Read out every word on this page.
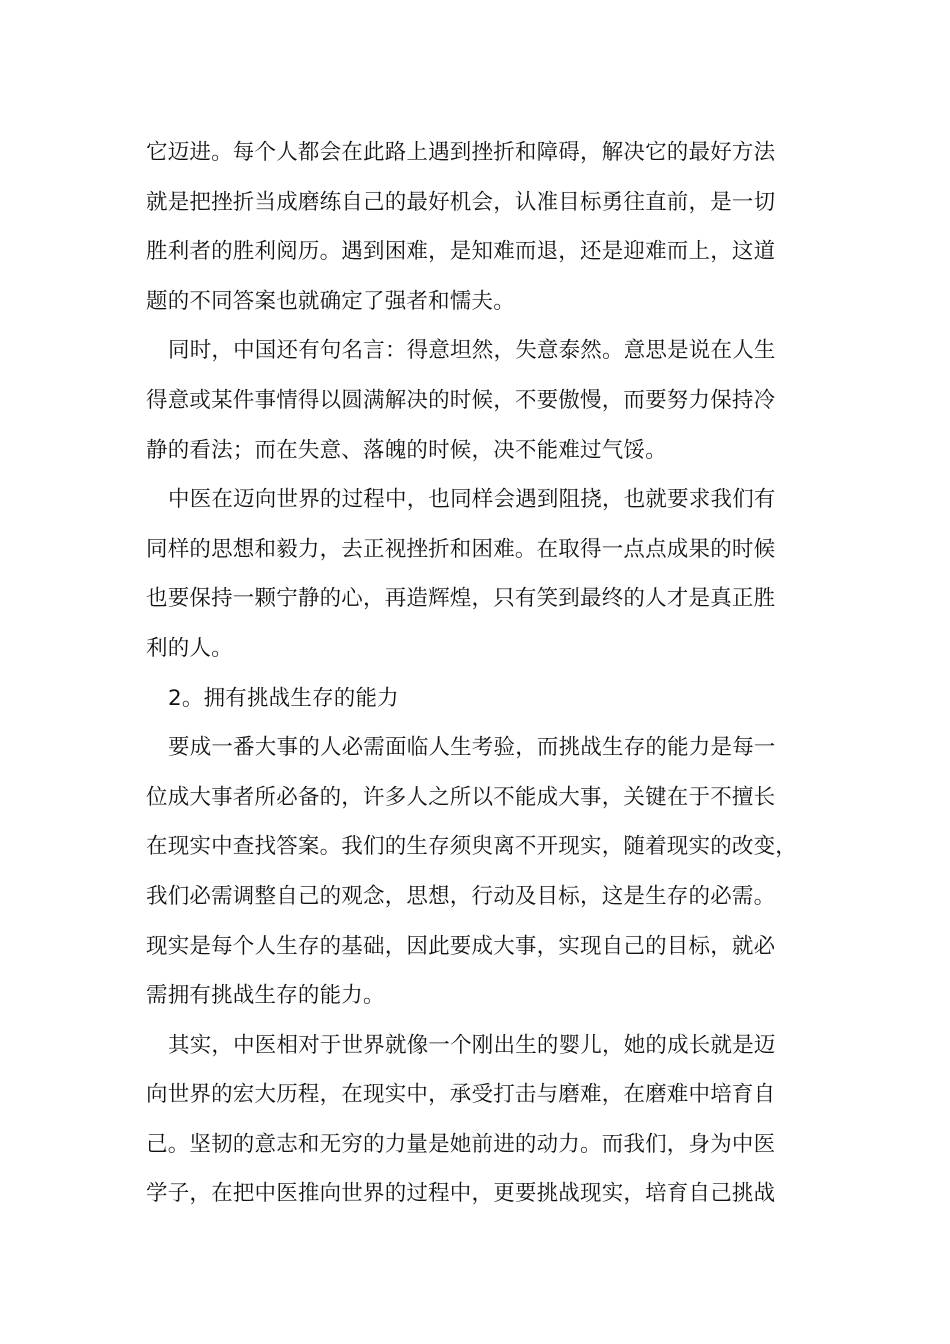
它迈进。每个人都会在此路上遇到挫折和障碍，解决它的最好方法
就是把挫折当成磨练自己的最好机会，认准目标勇往直前，是一切
胜利者的胜利阅历。遇到困难，是知难而退，还是迎难而上，这道
题的不同答案也就确定了强者和懦夫。
同时，中国还有句名言：得意坦然，失意泰然。意思是说在人生
得意或某件事情得以圆满解决的时候，不要傲慢，而要努力保持冷
静的看法；而在失意、落魄的时候，决不能难过气馁。
中医在迈向世界的过程中，也同样会遇到阻挠，也就要求我们有
同样的思想和毅力，去正视挫折和困难。在取得一点点成果的时候
也要保持一颗宁静的心，再造辉煌，只有笑到最终的人才是真正胜
利的人。
2。拥有挑战生存的能力
要成一番大事的人必需面临人生考验，而挑战生存的能力是每一
位成大事者所必备的，许多人之所以不能成大事，关键在于不擅长
在现实中查找答案。我们的生存须臾离不开现实，随着现实的改变，
我们必需调整自己的观念，思想，行动及目标，这是生存的必需。
现实是每个人生存的基础，因此要成大事，实现自己的目标，就必
需拥有挑战生存的能力。
其实，中医相对于世界就像一个刚出生的婴儿，她的成长就是迈
向世界的宏大历程，在现实中，承受打击与磨难，在磨难中培育自
己。坚韧的意志和无穷的力量是她前进的动力。而我们，身为中医
学子，在把中医推向世界的过程中，更要挑战现实，培育自己挑战
